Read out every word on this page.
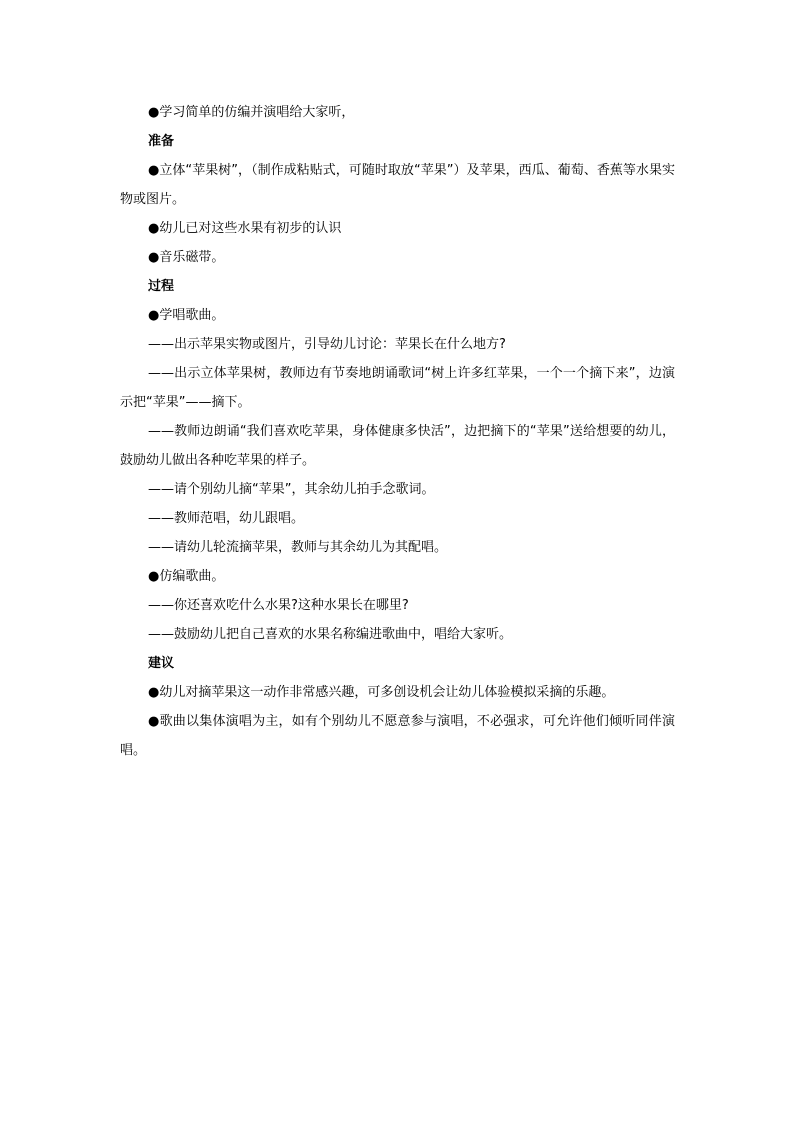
●学习简单的仿编并演唱给大家听，

准备

●立体“苹果树”，（制作成粘贴式，可随时取放“苹果”）及苹果，西瓜、葡萄、香蕉等水果实物或图片。

●幼儿已对这些水果有初步的认识

●音乐磁带。

过程

●学唱歌曲。

——出示苹果实物或图片，引导幼儿讨论：苹果长在什么地方?

——出示立体苹果树，教师边有节奏地朗诵歌词“树上许多红苹果，一个一个摘下来”，边演示把“苹果”——摘下。

——教师边朗诵“我们喜欢吃苹果，身体健康多快活”，边把摘下的“苹果”送给想要的幼儿，鼓励幼儿做出各种吃苹果的样子。

——请个别幼儿摘“苹果”，其余幼儿拍手念歌词。

——教师范唱，幼儿跟唱。

——请幼儿轮流摘苹果，教师与其余幼儿为其配唱。

●仿编歌曲。

——你还喜欢吃什么水果?这种水果长在哪里?

——鼓励幼儿把自己喜欢的水果名称编进歌曲中，唱给大家听。

建议

●幼儿对摘苹果这一动作非常感兴趣，可多创设机会让幼儿体验模拟采摘的乐趣。

●歌曲以集体演唱为主，如有个别幼儿不愿意参与演唱，不必强求，可允许他们倾听同伴演唱。
